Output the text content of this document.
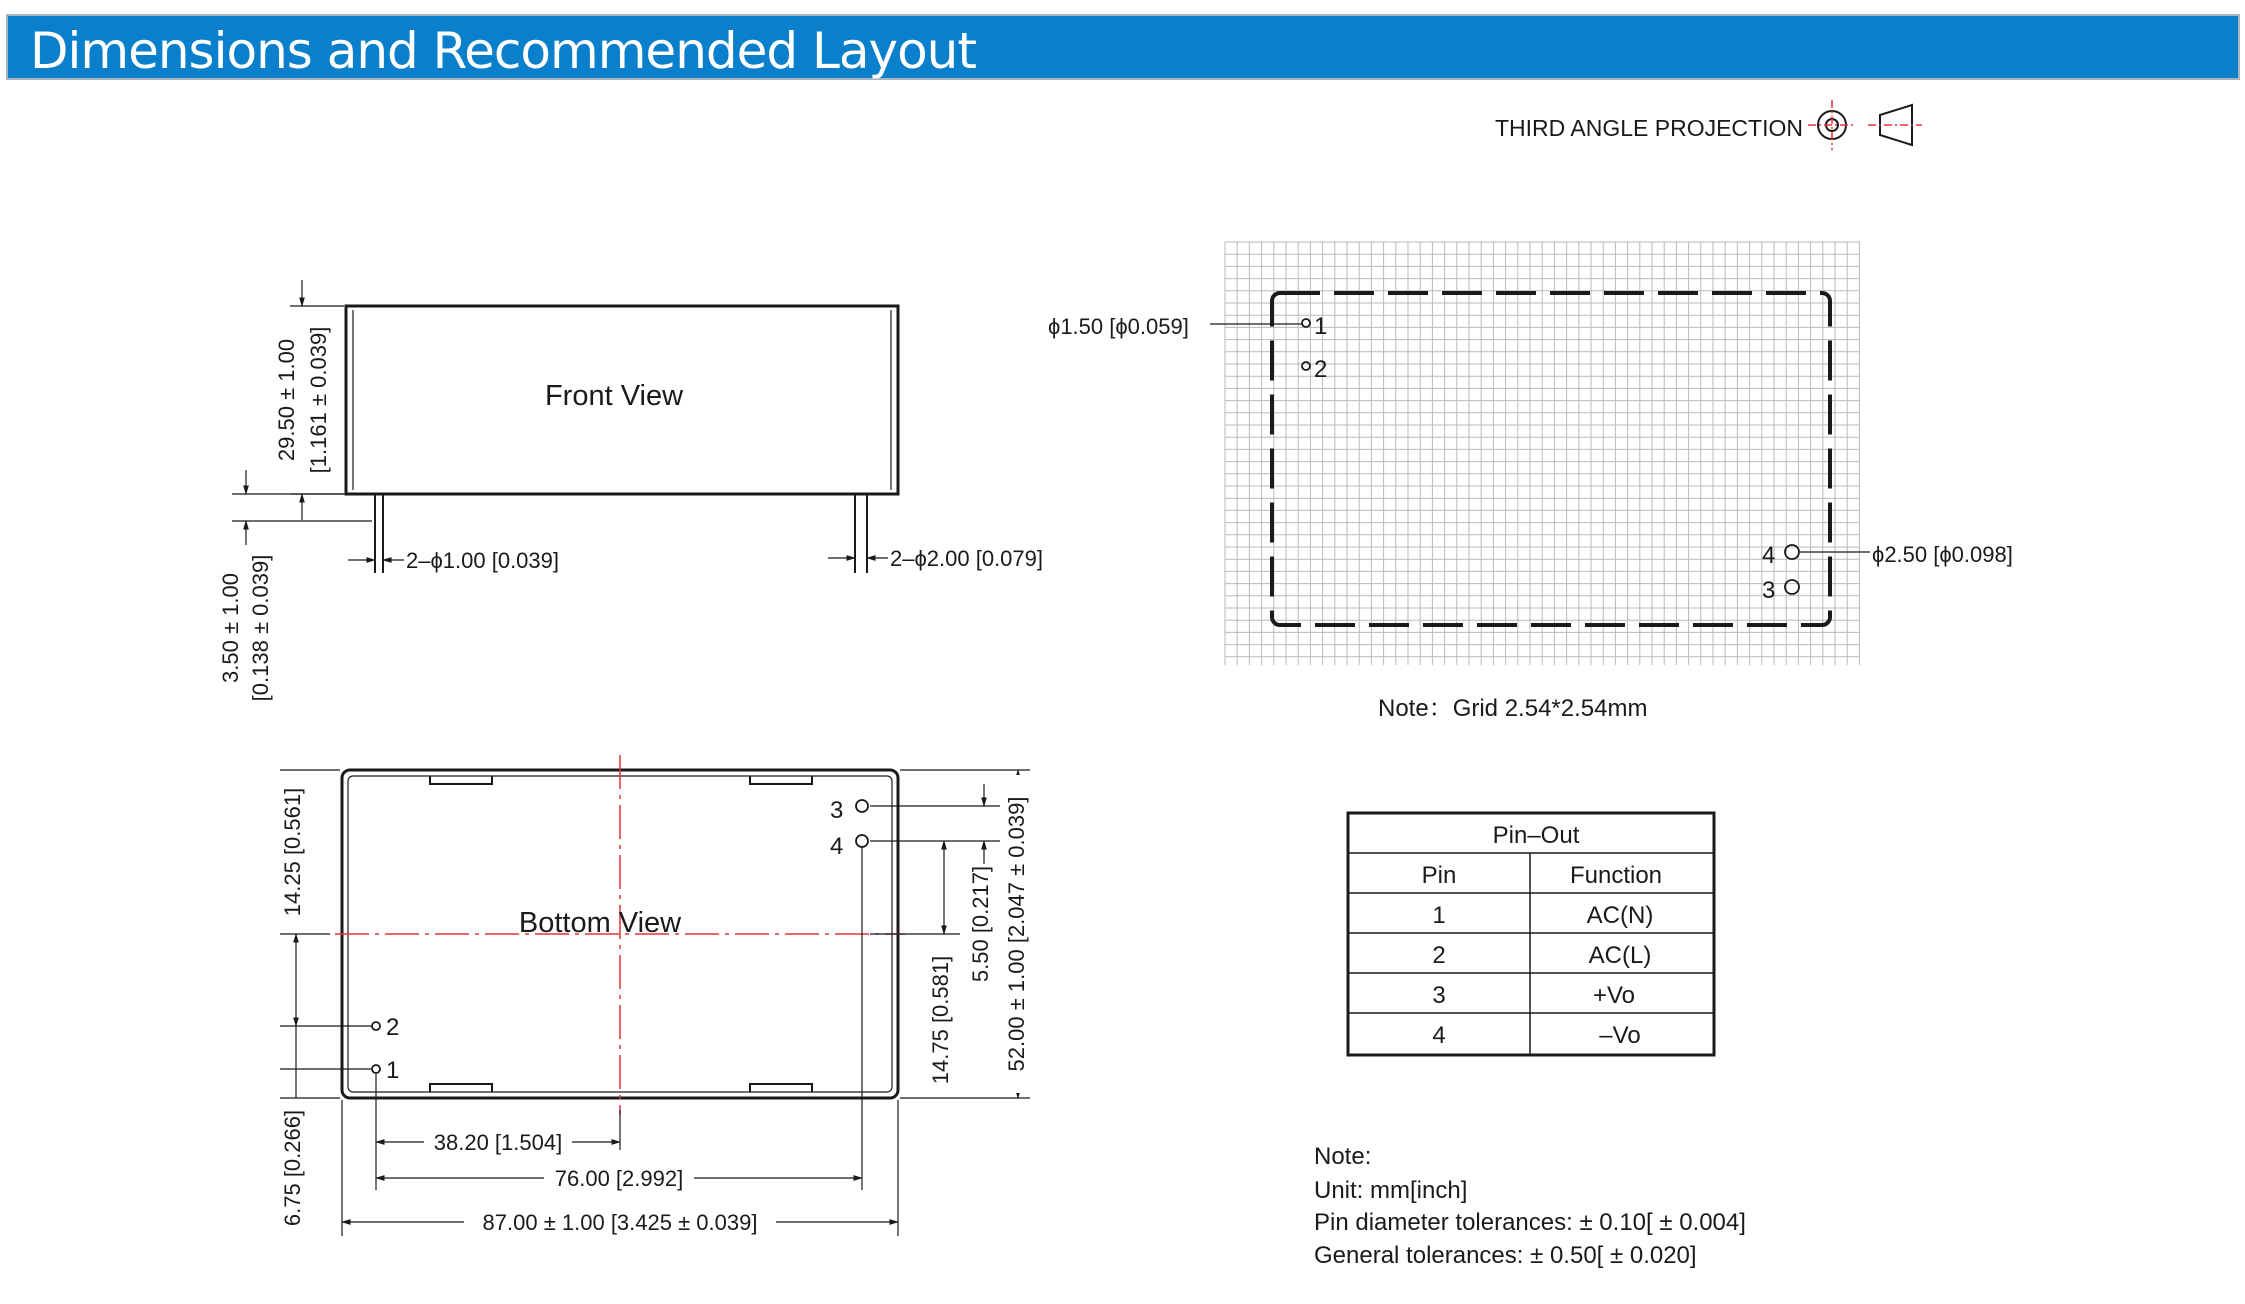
Dimensions and Recommended Layout
THIRD ANGLE PROJECTION
Front View
29.50 ± 1.00 [1.161 ± 0.039]
3.50 ± 1.00 [0.138 ± 0.039]	2–ϕ1.00 [0.039]	2–ϕ2.00 [0.079]
Bottom View
1
2
3
4
14.25 [0.561]
6.75 [0.266]	38.20 [1.504]
76.00 [2.992]
87.00 ± 1.00 [3.425 ± 0.039]
5.50 [0.217]
14.75 [0.581] 52.00 ± 1.00 [2.047 ± 0.039]
1
2
4
3
ϕ1.50 [ϕ0.059]
ϕ2.50 [ϕ0.098]
Note：Grid 2.54*2.54mm
Pin–Out
Pin	Function
1	AC(N)
2	AC(L)
3	+Vo
4	–Vo
Note:
Unit: mm[inch]
Pin diameter tolerances: ± 0.10[ ± 0.004]
General tolerances: ± 0.50[ ± 0.020]
